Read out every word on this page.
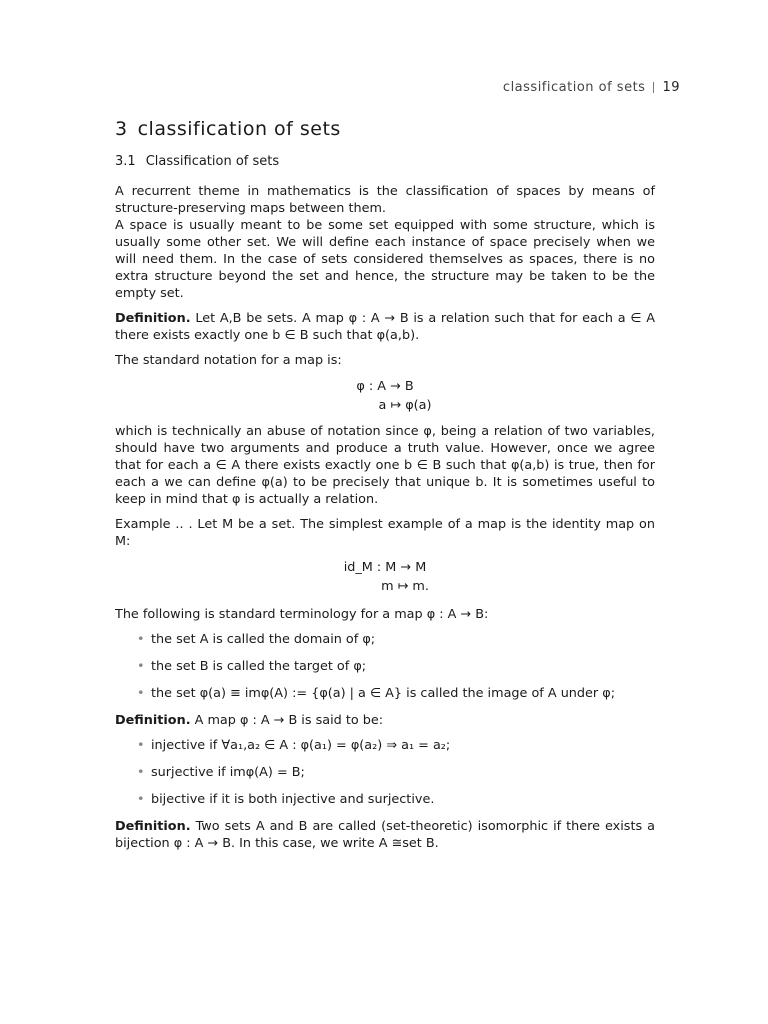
classification of sets 19
3 classification of sets
3.1 Classification of sets

A recurrent theme in mathematics is the classification of spaces by means of structure-preserving maps between them.

A space is usually meant to be some set equipped with some structure, which is usually some other set. We will define each instance of space precisely when we will need them. In the case of sets considered themselves as spaces, there is no extra structure beyond the set and hence, the structure may be taken to be the empty set.

Definition. Let A,B be sets. A map φ : A → B is a relation such that for each a ∈ A there exists exactly one b ∈ B such that φ(a,b).

The standard notation for a map is:

φ : A → B
a ↦ φ(a)

which is technically an abuse of notation since φ, being a relation of two variables, should have two arguments and produce a truth value. However, once we agree that for each a ∈ A there exists exactly one b ∈ B such that φ(a,b) is true, then for each a we can define φ(a) to be precisely that unique b. It is sometimes useful to keep in mind that φ is actually a relation.

Example .. . Let M be a set. The simplest example of a map is the identity map on M:

id_M : M → M
m ↦ m.

The following is standard terminology for a map φ : A → B:

• the set A is called the domain of φ;
• the set B is called the target of φ;
• the set φ(a) ≡ imφ(A) := {φ(a) | a ∈ A} is called the image of A under φ;

Definition. A map φ : A → B is said to be:

• injective if ∀a₁,a₂ ∈ A : φ(a₁) = φ(a₂) ⇒ a₁ = a₂;
• surjective if imφ(A) = B;
• bijective if it is both injective and surjective.

Definition. Two sets A and B are called (set-theoretic) isomorphic if there exists a bijection φ : A → B. In this case, we write A ≅set B.
